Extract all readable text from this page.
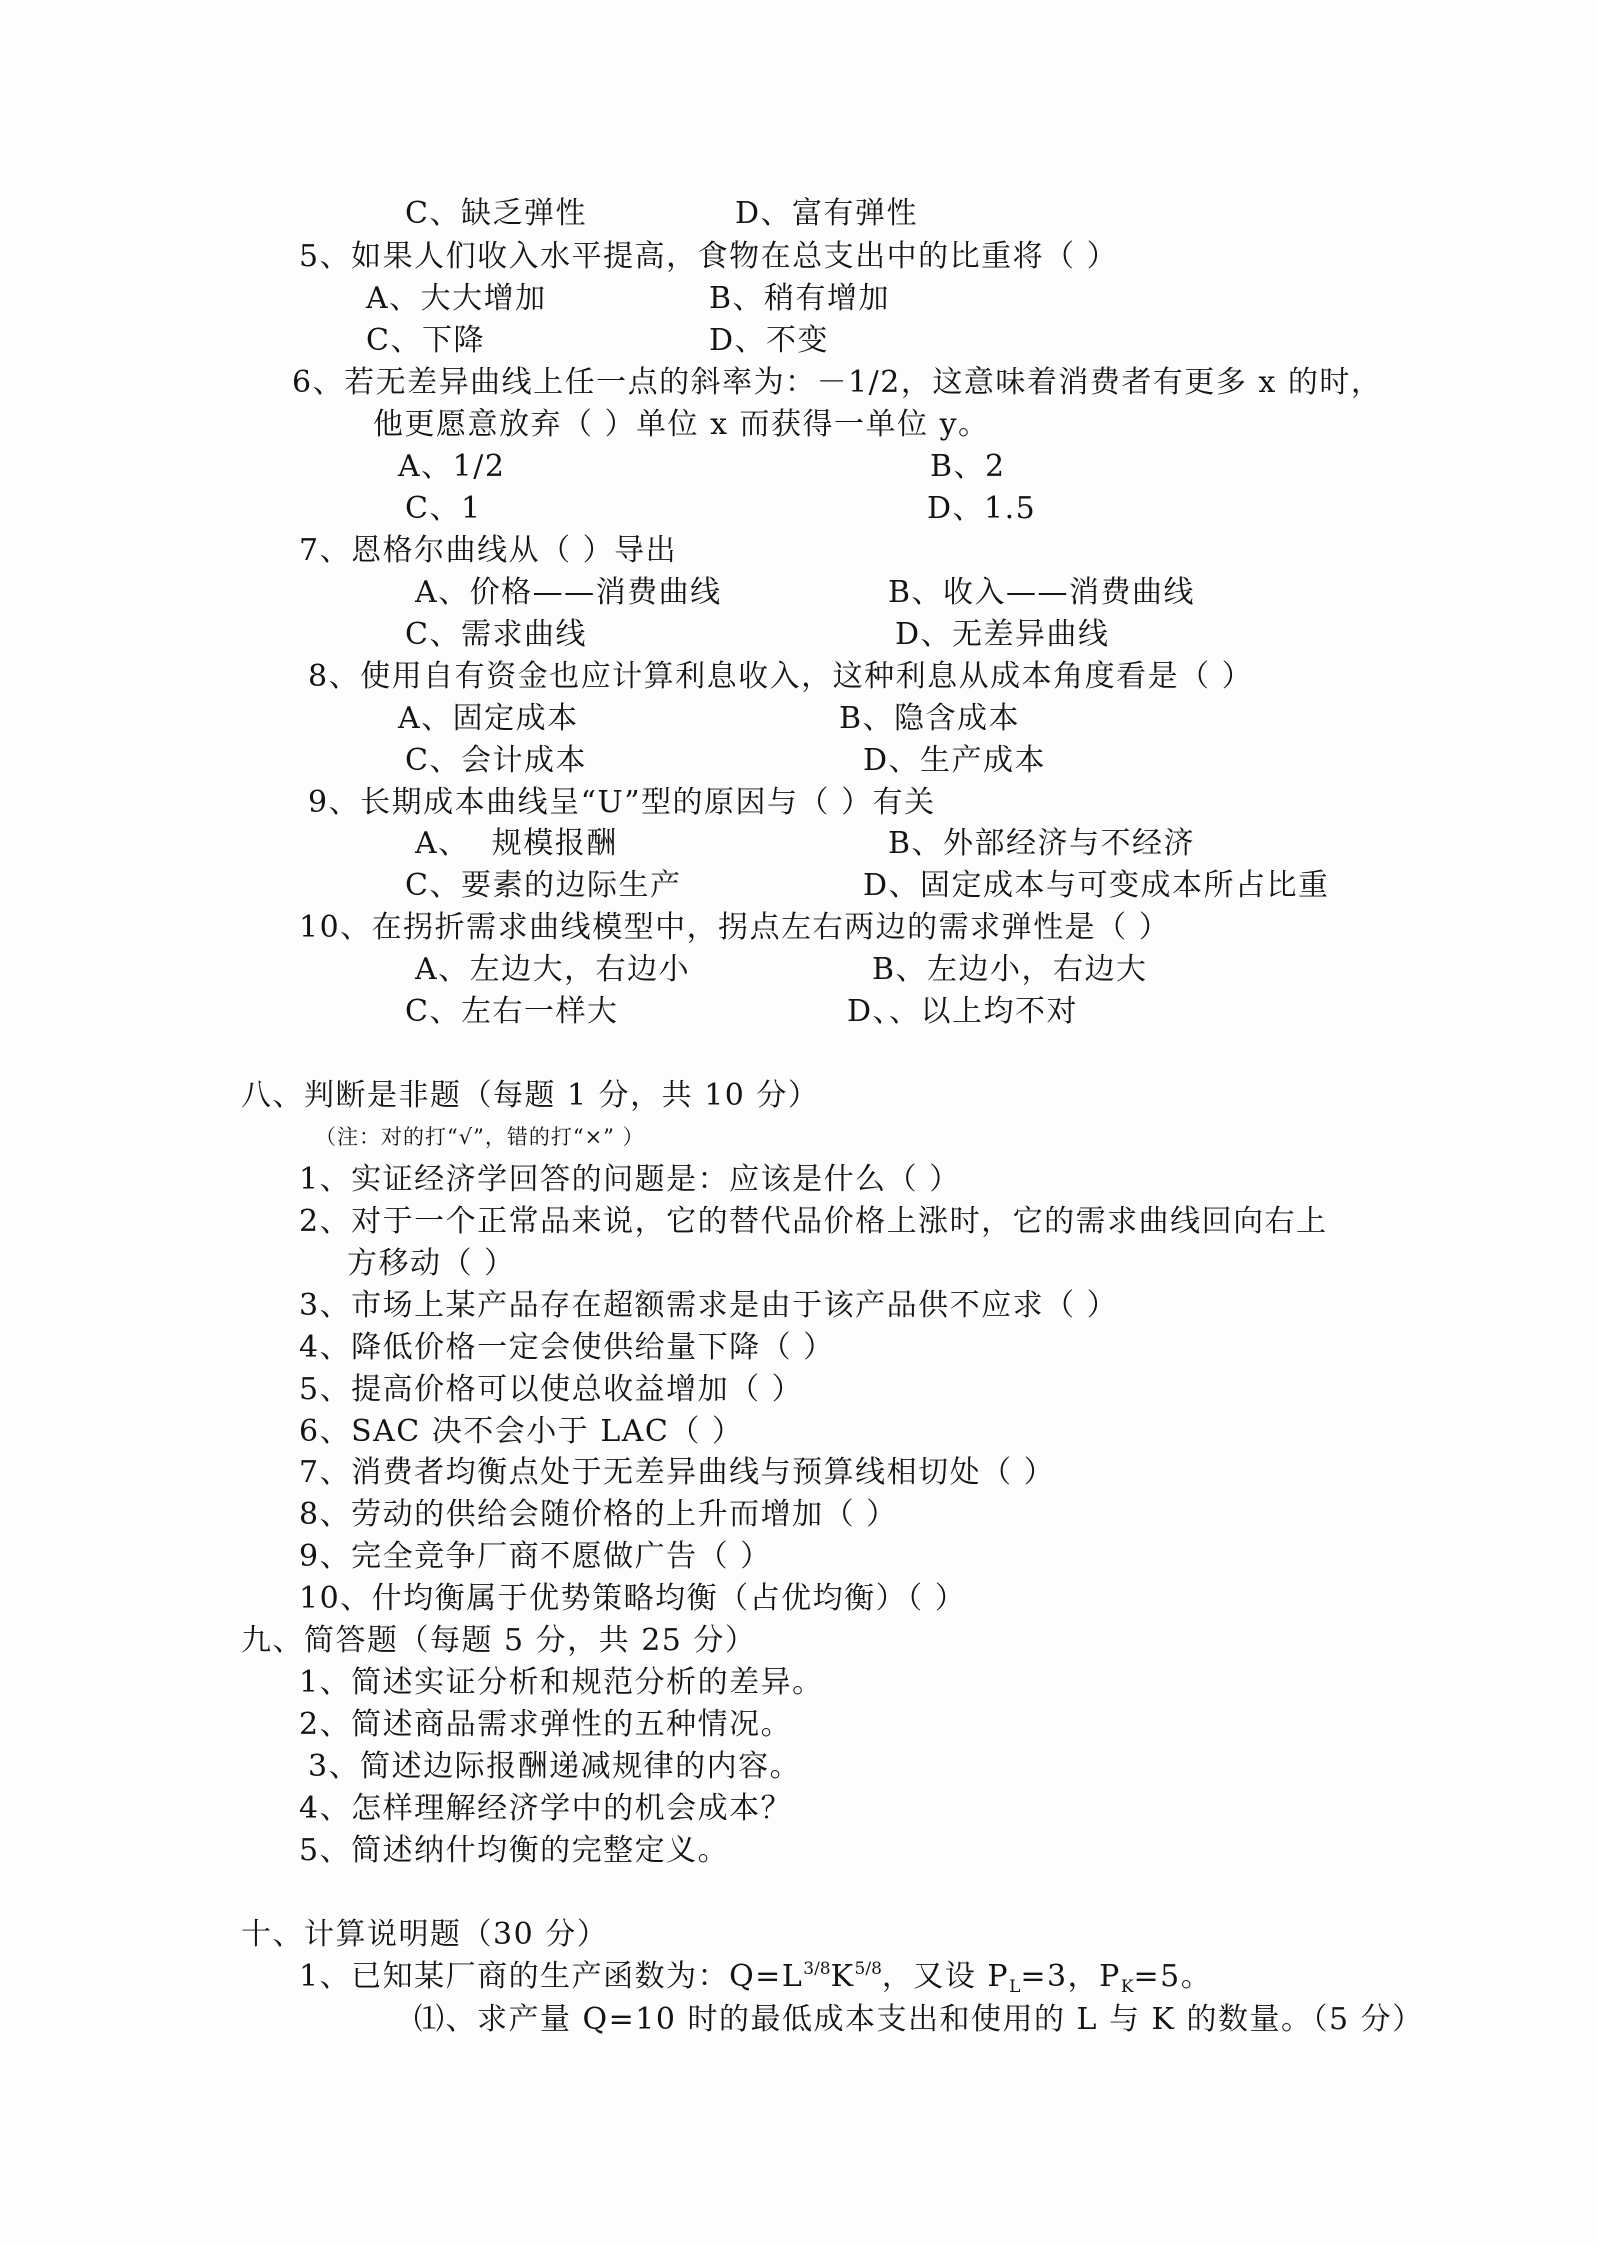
C、缺乏弹性	D、富有弹性
5、如果人们收入水平提高，食物在总支出中的比重将（ ）
A、大大增加	B、稍有增加
C、下降	D、不变
6、若无差异曲线上任一点的斜率为：－1/2，这意味着消费者有更多 x 的时，
他更愿意放弃（ ）单位 x 而获得一单位 y。
A、1/2	B、2
C、1	D、1.5
7、恩格尔曲线从（ ）导出
A、价格——消费曲线	B、收入——消费曲线
C、需求曲线	D、无差异曲线
8、使用自有资金也应计算利息收入，这种利息从成本角度看是（ ）
A、固定成本	B、隐含成本
C、会计成本	D、生产成本
9、长期成本曲线呈“U”型的原因与（ ）有关
A、  规模报酬	B、外部经济与不经济
C、要素的边际生产	D、固定成本与可变成本所占比重
10、在拐折需求曲线模型中，拐点左右两边的需求弹性是（ ）
A、左边大，右边小	B、左边小，右边大
C、左右一样大	D、、以上均不对
八、判断是非题（每题 1 分，共 10 分）
（注：对的打“√”，错的打“×” ）
1、实证经济学回答的问题是：应该是什么（ ）
2、对于一个正常品来说，它的替代品价格上涨时，它的需求曲线回向右上
方移动（ ）
3、市场上某产品存在超额需求是由于该产品供不应求（ ）
4、降低价格一定会使供给量下降（ ）
5、提高价格可以使总收益增加（ ）
6、SAC 决不会小于 LAC（ ）
7、消费者均衡点处于无差异曲线与预算线相切处（ ）
8、劳动的供给会随价格的上升而增加（ ）
9、完全竞争厂商不愿做广告（ ）
10、什均衡属于优势策略均衡（占优均衡）（ ）
九、简答题（每题 5 分，共 25 分）
1、简述实证分析和规范分析的差异。
2、简述商品需求弹性的五种情况。
3、简述边际报酬递减规律的内容。
4、怎样理解经济学中的机会成本？
5、简述纳什均衡的完整定义。
十、计算说明题（30 分）
1、已知某厂商的生产函数为：$Q=L^{3/8}K^{5/8}$，又设 $P_L=3$，$P_K=5$。
⑴、求产量 Q=10 时的最低成本支出和使用的 L 与 K 的数量。（5 分）
